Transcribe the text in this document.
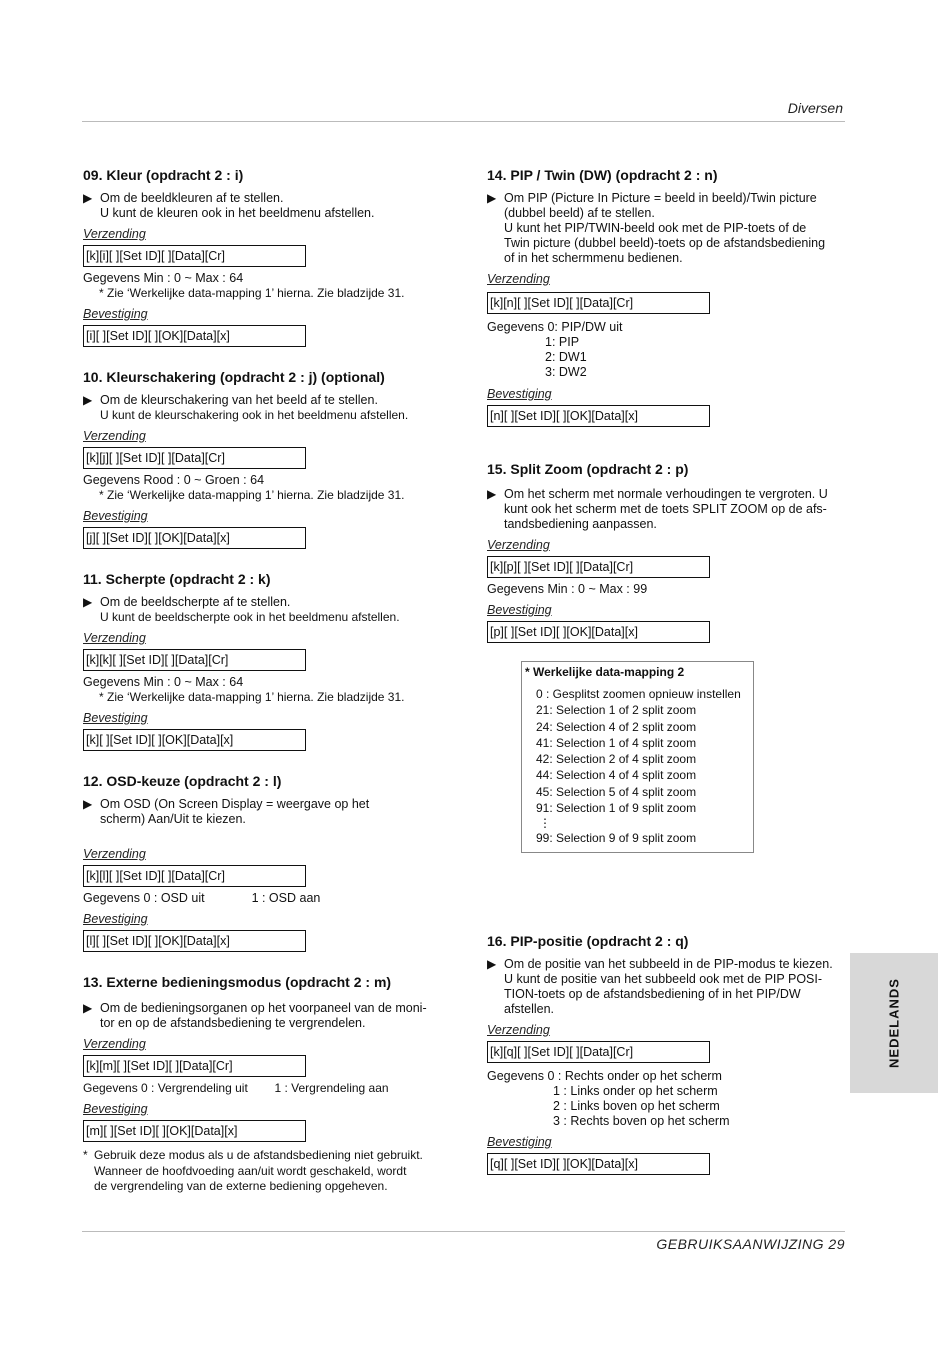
Diversen
09. Kleur (opdracht 2 : i)
▶ Om de beeldkleuren af te stellen.

U kunt de kleuren ook in het beeldmenu afstellen.

Verzending
[k][i][ ][Set ID][ ][Data][Cr]
Gegevens Min : 0 ~ Max : 64
* Zie ‘Werkelijke data-mapping 1’ hierna. Zie bladzijde 31.
Bevestiging
[i][ ][Set ID][ ][OK][Data][x]
10. Kleurschakering (opdracht 2 : j) (optional)
▶ Om de kleurschakering van het beeld af te stellen.

U kunt de kleurschakering ook in het beeldmenu afstellen.

Verzending
[k][j][ ][Set ID][ ][Data][Cr]
Gegevens Rood : 0 ~ Groen : 64
* Zie ‘Werkelijke data-mapping 1’ hierna. Zie bladzijde 31.
Bevestiging
[j][ ][Set ID][ ][OK][Data][x]
11. Scherpte (opdracht 2 : k)
▶ Om de beeldscherpte af te stellen.

U kunt de beeldscherpte ook in het beeldmenu afstellen.

Verzending
[k][k][ ][Set ID][ ][Data][Cr]
Gegevens Min : 0 ~ Max : 64
* Zie ‘Werkelijke data-mapping 1’ hierna. Zie bladzijde 31.
Bevestiging
[k][ ][Set ID][ ][OK][Data][x]
12. OSD-keuze (opdracht 2 : l)
▶ Om OSD (On Screen Display = weergave op het

scherm) Aan/Uit te kiezen.

Verzending
[k][l][ ][Set ID][ ][Data][Cr]
Gegevens 0 : OSD uit	1 : OSD aan
Bevestiging
[l][ ][Set ID][ ][OK][Data][x]
13. Externe bedieningsmodus (opdracht 2 : m)
▶ Om de bedieningsorganen op het voorpaneel van de moni-

tor en op de afstandsbediening te vergrendelen.

Verzending
[k][m][ ][Set ID][ ][Data][Cr]
Gegevens 0 : Vergrendeling uit 1 : Vergrendeling aan
Bevestiging
[m][ ][Set ID][ ][OK][Data][x]
* Gebruik deze modus als u de afstandsbediening niet gebruikt.
Wanneer de hoofdvoeding aan/uit wordt geschakeld, wordt
de vergrendeling van de externe bediening opgeheven.
14. PIP / Twin (DW) (opdracht 2 : n)
▶ Om PIP (Picture In Picture = beeld in beeld)/Twin picture

(dubbel beeld) af te stellen.

U kunt het PIP/TWIN-beeld ook met de PIP-toets of de

Twin picture (dubbel beeld)-toets op de afstandsbediening

of in het schermmenu bedienen.

Verzending
[k][n][ ][Set ID][ ][Data][Cr]
Gegevens 0: PIP/DW uit
1: PIP
2: DW1
3: DW2
Bevestiging
[n][ ][Set ID][ ][OK][Data][x]
15. Split Zoom (opdracht 2 : p)
▶ Om het scherm met normale verhoudingen te vergroten. U

kunt ook het scherm met de toets SPLIT ZOOM op de afs-

tandsbediening aanpassen.

Verzending
[k][p][ ][Set ID][ ][Data][Cr]
Gegevens Min : 0 ~ Max : 99
Bevestiging
[p][ ][Set ID][ ][OK][Data][x]
* Werkelijke data-mapping 2
0 : Gesplitst zoomen opnieuw instellen
21: Selection 1 of 2 split zoom
24: Selection 4 of 2 split zoom
41: Selection 1 of 4 split zoom
42: Selection 2 of 4 split zoom
44: Selection 4 of 4 split zoom
45: Selection 5 of 4 split zoom
91: Selection 1 of 9 split zoom
⋮
99: Selection 9 of 9 split zoom
16. PIP-positie (opdracht 2 : q)
▶ Om de positie van het subbeeld in de PIP-modus te kiezen.

U kunt de positie van het subbeeld ook met de PIP POSI-

TION-toets op de afstandsbediening of in het PIP/DW

afstellen.

Verzending
[k][q][ ][Set ID][ ][Data][Cr]
Gegevens 0 : Rechts onder op het scherm
1 : Links onder op het scherm
2 : Links boven op het scherm
3 : Rechts boven op het scherm
Bevestiging
[q][ ][Set ID][ ][OK][Data][x]
NEDELANDS
GEBRUIKSAANWIJZING 29
